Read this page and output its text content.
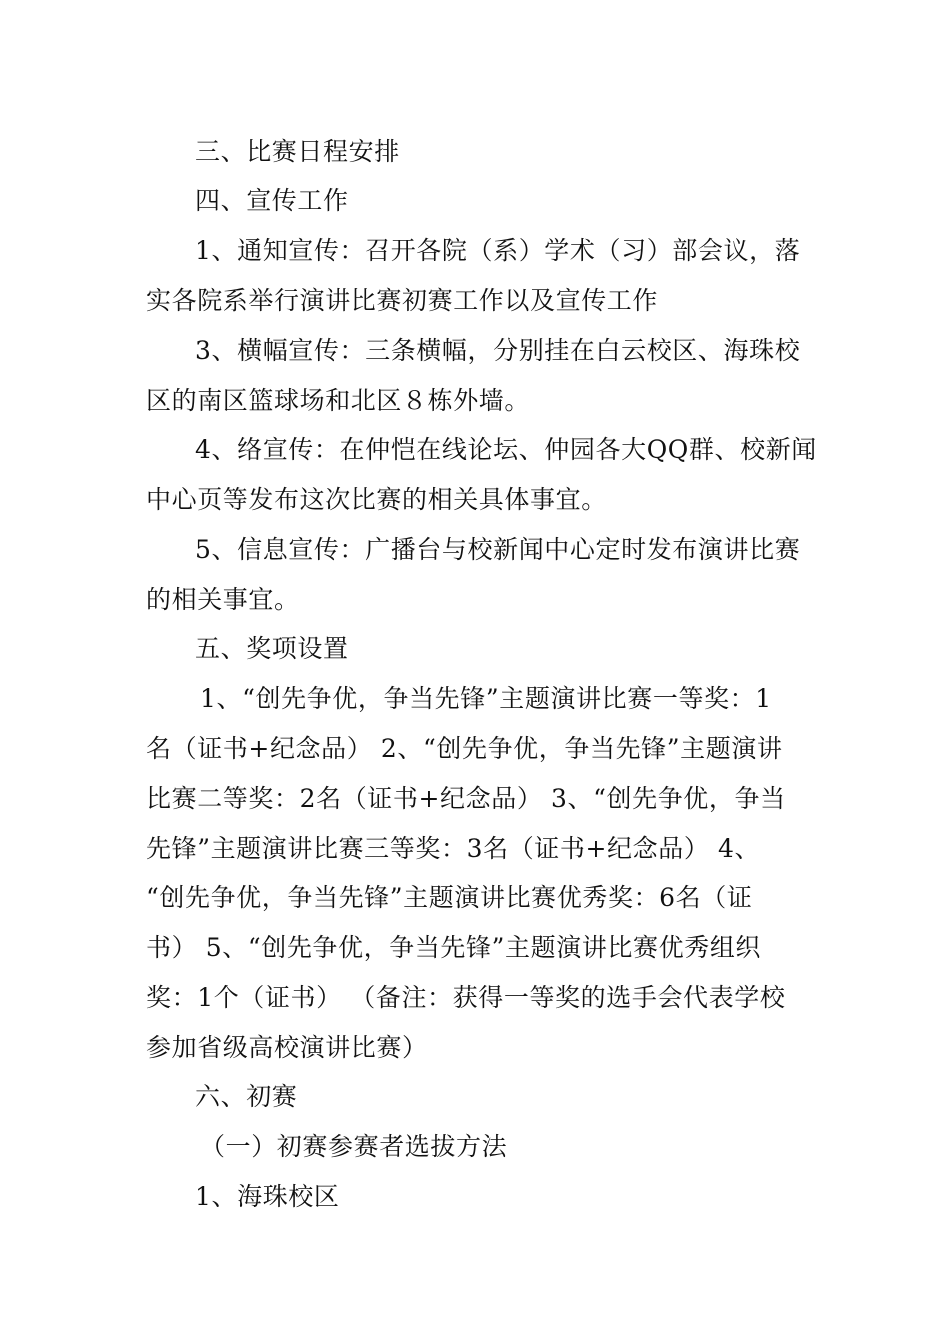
三、比赛日程安排
四、宣传工作
1、通知宣传：召开各院（系）学术（习）部会议，落
实各院系举行演讲比赛初赛工作以及宣传工作
3、横幅宣传：三条横幅，分别挂在白云校区、海珠校
区的南区篮球场和北区８栋外墙。
4、络宣传：在仲恺在线论坛、仲园各大QQ群、校新闻
中心页等发布这次比赛的相关具体事宜。
5、信息宣传：广播台与校新闻中心定时发布演讲比赛
的相关事宜。
五、奖项设置
1、“创先争优，争当先锋”主题演讲比赛一等奖：1
名（证书+纪念品） 2、“创先争优，争当先锋”主题演讲
比赛二等奖：2名（证书+纪念品） 3、“创先争优，争当
先锋”主题演讲比赛三等奖：3名（证书+纪念品） 4、
“创先争优，争当先锋”主题演讲比赛优秀奖：6名（证
书） 5、“创先争优，争当先锋”主题演讲比赛优秀组织
奖：1个（证书） （备注：获得一等奖的选手会代表学校
参加省级高校演讲比赛）
六、初赛
（一）初赛参赛者选拔方法
1、海珠校区
